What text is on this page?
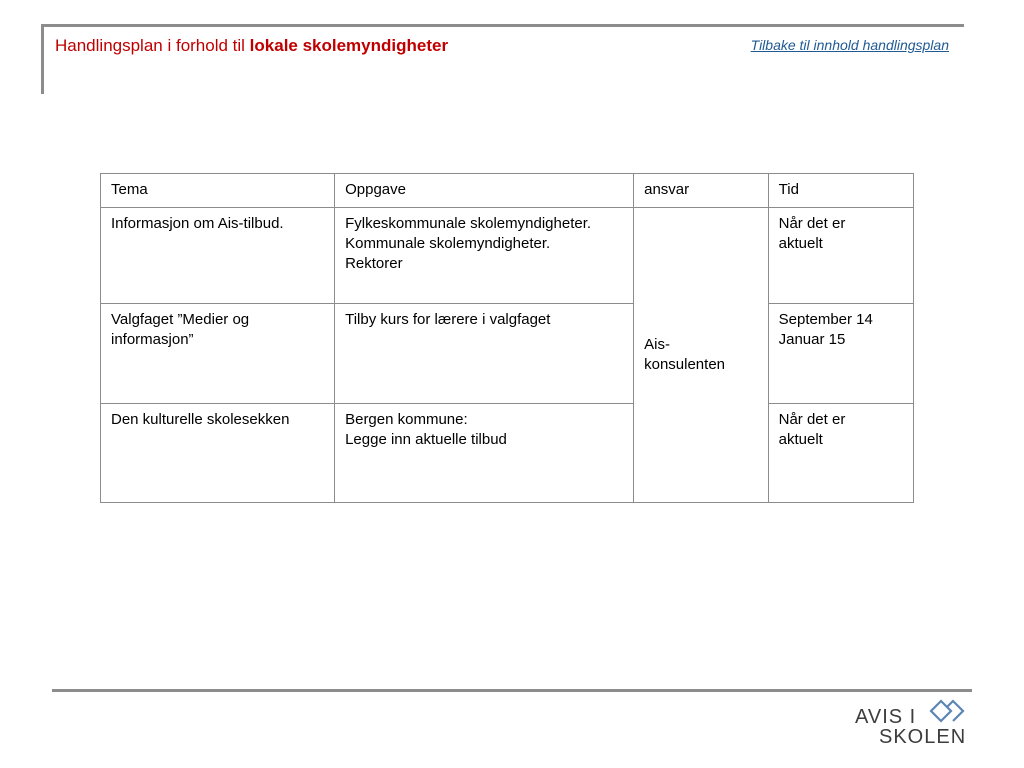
Handlingsplan i forhold til lokale skolemyndigheter	Tilbake til innhold handlingsplan
Tema	Oppgave	ansvar	Tid
Informasjon om Ais-tilbud.	Fylkeskommunale skolemyndigheter.
Kommunale skolemyndigheter.
Rektorer	Ais-
konsulenten	Når det er
aktuelt
Valgfaget ”Medier og
informasjon”	Tilby kurs for lærere i valgfaget		September 14
Januar 15
Den kulturelle skolesekken	Bergen kommune:
Legge inn aktuelle tilbud		Når det er
aktuelt
AVIS I
SKOLEN
